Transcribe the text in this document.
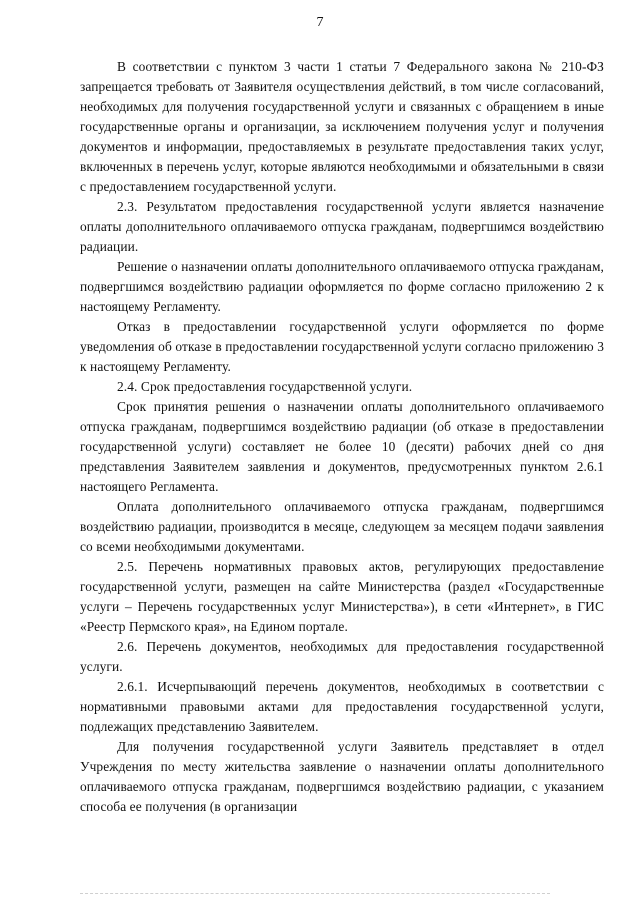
7

В соответствии с пунктом 3 части 1 статьи 7 Федерального закона № 210-ФЗ запрещается требовать от Заявителя осуществления действий, в том числе согласований, необходимых для получения государственной услуги и связанных с обращением в иные государственные органы и организации, за исключением получения услуг и получения документов и информации, предоставляемых в результате предоставления таких услуг, включенных в перечень услуг, которые являются необходимыми и обязательными в связи с предоставлением государственной услуги.

2.3. Результатом предоставления государственной услуги является назначение оплаты дополнительного оплачиваемого отпуска гражданам, подвергшимся воздействию радиации.

Решение о назначении оплаты дополнительного оплачиваемого отпуска гражданам, подвергшимся воздействию радиации оформляется по форме согласно приложению 2 к настоящему Регламенту.

Отказ в предоставлении государственной услуги оформляется по форме уведомления об отказе в предоставлении государственной услуги согласно приложению 3 к настоящему Регламенту.

2.4. Срок предоставления государственной услуги.

Срок принятия решения о назначении оплаты дополнительного оплачиваемого отпуска гражданам, подвергшимся воздействию радиации (об отказе в предоставлении государственной услуги) составляет не более 10 (десяти) рабочих дней со дня представления Заявителем заявления и документов, предусмотренных пунктом 2.6.1 настоящего Регламента.

Оплата дополнительного оплачиваемого отпуска гражданам, подвергшимся воздействию радиации, производится в месяце, следующем за месяцем подачи заявления со всеми необходимыми документами.

2.5. Перечень нормативных правовых актов, регулирующих предоставление государственной услуги, размещен на сайте Министерства (раздел «Государственные услуги – Перечень государственных услуг Министерства»), в сети «Интернет», в ГИС «Реестр Пермского края», на Едином портале.

2.6. Перечень документов, необходимых для предоставления государственной услуги.

2.6.1. Исчерпывающий перечень документов, необходимых в соответствии с нормативными правовыми актами для предоставления государственной услуги, подлежащих представлению Заявителем.

Для получения государственной услуги Заявитель представляет в отдел Учреждения по месту жительства заявление о назначении оплаты дополнительного оплачиваемого отпуска гражданам, подвергшимся воздействию радиации, с указанием способа ее получения (в организации
